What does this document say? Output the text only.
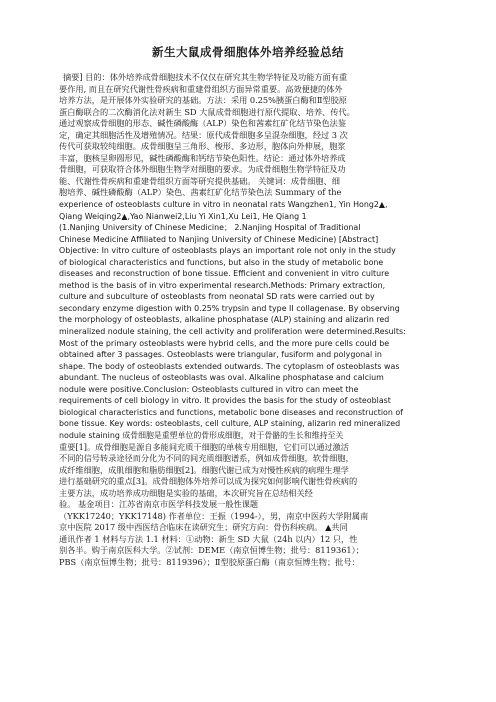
新生大鼠成骨细胞体外培养经验总结
摘要] 目的：体外培养成骨细胞技术不仅仅在研究其生物学特征及功能方面有重
要作用, 而且在研究代谢性骨疾病和重建骨组织方面异常重要。高效便捷的体外
培养方法，是开展体外实验研究的基础。方法：采用 0.25%胰蛋白酶和Ⅱ型胶原
蛋白酶联合的二次酶消化法对新生 SD 大鼠成骨细胞进行原代提取、培养、传代。
通过观察成骨细胞的形态、碱性磷酸酶（ALP）染色和茜素红矿化结节染色法鉴
定，确定其细胞活性及增殖情况。结果：原代成骨细胞多呈混杂细胞，经过 3 次
传代可获取较纯细胞。成骨细胞呈三角形、梭形、多边形，胞体向外伸展，胞浆
丰富，胞核呈卵圆形见，碱性磷酸酶和钙结节染色阳性。结论：通过体外培养成
骨细胞，可获取符合体外细胞生物学对细胞的要求。为成骨细胞生物学特征及功
能、代谢性骨疾病和重建骨组织方面等研究提供基础。 关键词：成骨细胞、细
胞培养、碱性磷酸酶（ALP）染色、茜素红矿化结节染色法 Summary of the
experience of osteoblasts culture in vitro in neonatal rats Wangzhen1, Yin Hong2▲,
Qiang Weiqing2▲,Yao Nianwei2,Liu Yi Xin1,Xu Lei1, He Qiang 1
(1.Nanjing University of Chinese Medicine； 2.Nanjing Hospital of Traditional
Chinese Medicine Affiliated to Nanjing University of Chinese Medicine) [Abstract]
Objective: In vitro culture of osteoblasts plays an important role not only in the study
of biological characteristics and functions, but also in the study of metabolic bone
diseases and reconstruction of bone tissue. Efficient and convenient in vitro culture
method is the basis of in vitro experimental research.Methods: Primary extraction,
culture and subculture of osteoblasts from neonatal SD rats were carried out by
secondary enzyme digestion with 0.25% trypsin and type II collagenase. By observing
the morphology of osteoblasts, alkaline phosphatase (ALP) staining and alizarin red
mineralized nodule staining, the cell activity and proliferation were determined.Results:
Most of the primary osteoblasts were hybrid cells, and the more pure cells could be
obtained after 3 passages. Osteoblasts were triangular, fusiform and polygonal in
shape. The body of osteoblasts extended outwards. The cytoplasm of osteoblasts was
abundant. The nucleus of osteoblasts was oval. Alkaline phosphatase and calcium
nodule were positive.Conclusion: Osteoblasts cultured in vitro can meet the
requirements of cell biology in vitro. It provides the basis for the study of osteoblast
biological characteristics and functions, metabolic bone diseases and reconstruction of
bone tissue. Key words: osteoblasts, cell culture, ALP staining, alizarin red mineralized
nodule staining 成骨细胞是重塑单位的骨形成细胞，对于骨骼的生长和维持至关
重要[1]。成骨细胞是源自多能间充质干细胞的单核专用细胞，它们可以通过激活
不同的信号转录途径而分化为不同的间充质细胞谱系，例如成骨细胞，软骨细胞，
成纤维细胞，成肌细胞和脂肪细胞[2]。细胞代谢已成为对慢性疾病的病理生理学
进行基础研究的重点[3]。成骨细胞体外培养可以成为探究如何影响代谢性骨疾病的
主要方法，成功培养成功细胞是实验的基础，本次研究旨在总结相关经
验。 基金项目：江苏省南京市医学科技发展一般性课题
（YKK17240；YKK17148) 作者单位：王振（1994-），男，南京中医药大学附属南
京中医院 2017 级中西医结合临床在读研究生；研究方向：骨伤科疾病。 ▲共同
通讯作者 1 材料与方法 1.1 材料：①动物：新生 SD 大鼠（24h 以内）12 只，性
别各半。购于南京医科大学。②试剂：DEME（南京恒博生物；批号：8119361）；
PBS（南京恒博生物；批号：8119396）；Ⅱ型胶原蛋白酶（南京恒博生物；批号：
